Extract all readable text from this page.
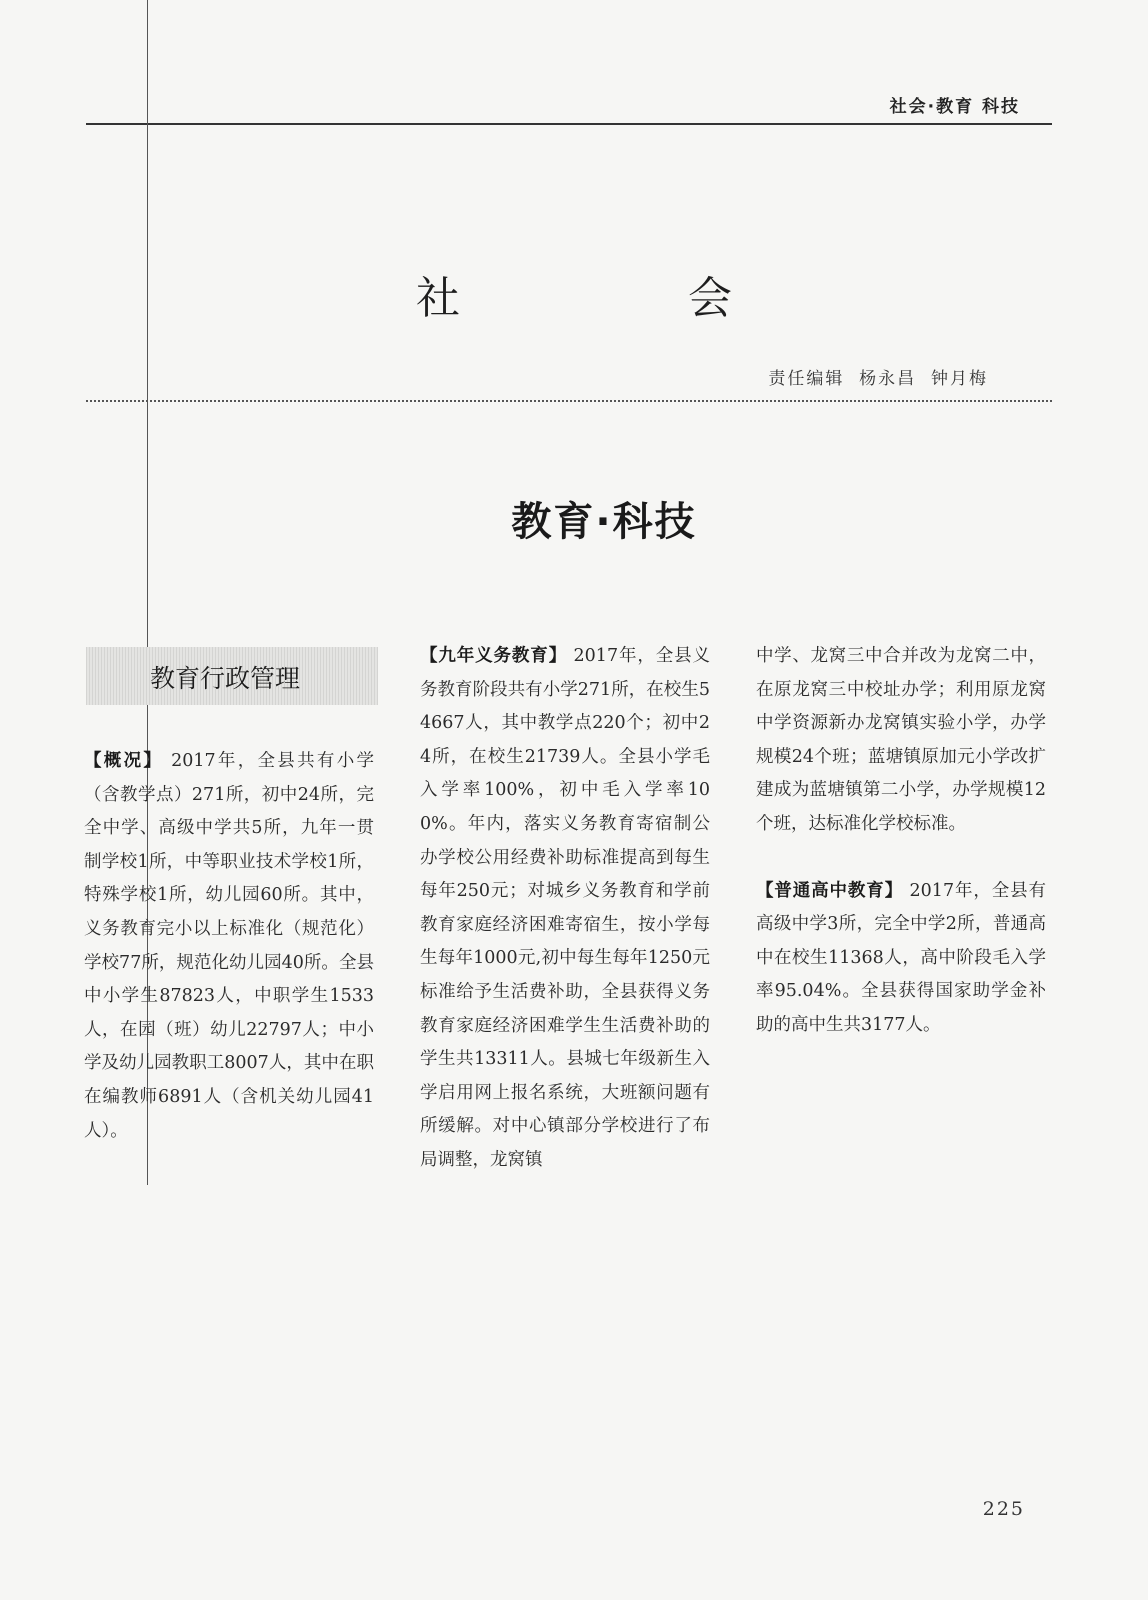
社会·教育 科技
社　会
责任编辑  杨永昌  钟月梅
教育·科技
教育行政管理

【概况】 2017年，全县共有小学（含教学点）271所，初中24所，完全中学、高级中学共5所，九年一贯制学校1所，中等职业技术学校1所，特殊学校1所，幼儿园60所。其中，义务教育完小以上标准化（规范化）学校77所，规范化幼儿园40所。全县中小学生87823人，中职学生1533人，在园（班）幼儿22797人；中小学及幼儿园教职工8007人，其中在职在编教师6891人（含机关幼儿园41人）。

【九年义务教育】 2017年，全县义务教育阶段共有小学271所，在校生54667人，其中教学点220个；初中24所，在校生21739人。全县小学毛入学率100%，初中毛入学率100%。年内，落实义务教育寄宿制公办学校公用经费补助标准提高到每生每年250元；对城乡义务教育和学前教育家庭经济困难寄宿生，按小学每生每年1000元,初中每生每年1250元标准给予生活费补助，全县获得义务教育家庭经济困难学生生活费补助的学生共13311人。县城七年级新生入学启用网上报名系统，大班额问题有所缓解。对中心镇部分学校进行了布局调整，龙窝镇

中学、龙窝三中合并改为龙窝二中，在原龙窝三中校址办学；利用原龙窝中学资源新办龙窝镇实验小学，办学规模24个班；蓝塘镇原加元小学改扩建成为蓝塘镇第二小学，办学规模12个班，达标准化学校标准。

【普通高中教育】 2017年，全县有高级中学3所，完全中学2所，普通高中在校生11368人，高中阶段毛入学率95.04%。全县获得国家助学金补助的高中生共3177人。

225
